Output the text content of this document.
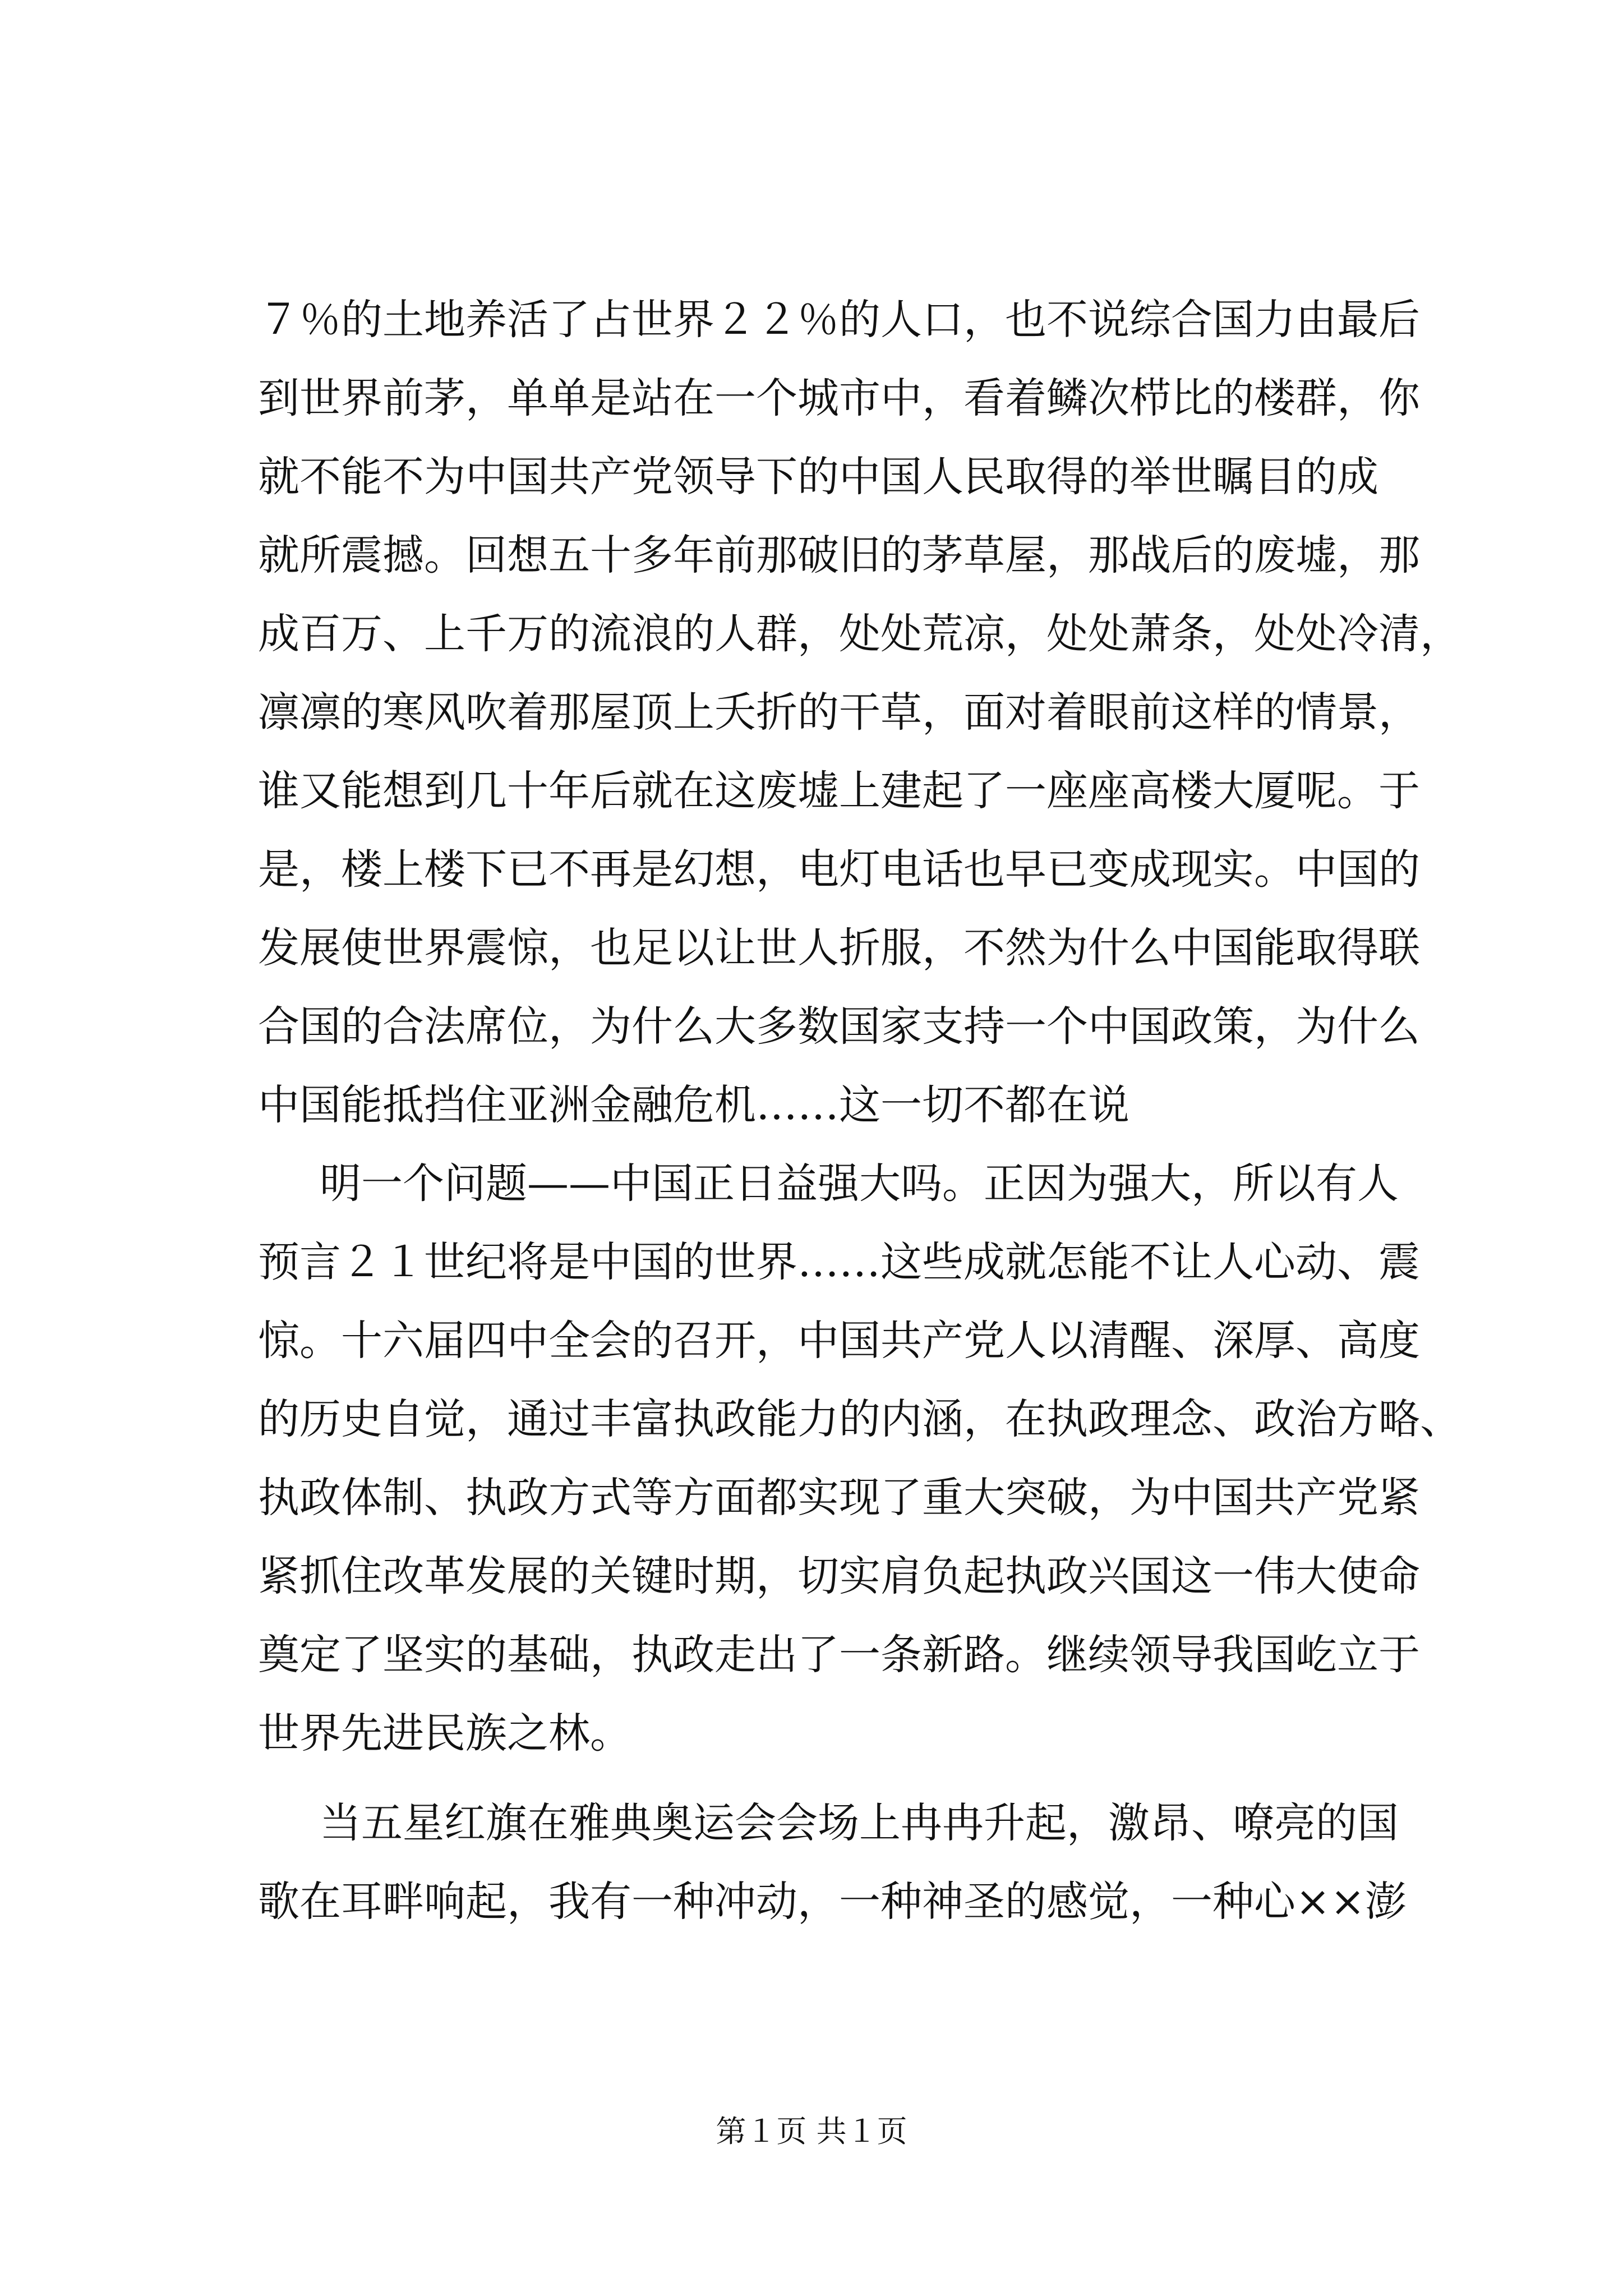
７％的土地养活了占世界２２％的人口，也不说综合国力由最后
到世界前茅，单单是站在一个城市中，看着鳞次栉比的楼群，你
就不能不为中国共产党领导下的中国人民取得的举世瞩目的成
就所震撼。回想五十多年前那破旧的茅草屋，那战后的废墟，那
成百万、上千万的流浪的人群，处处荒凉，处处萧条，处处冷清，
凛凛的寒风吹着那屋顶上夭折的干草，面对着眼前这样的情景，
谁又能想到几十年后就在这废墟上建起了一座座高楼大厦呢。于
是，楼上楼下已不再是幻想，电灯电话也早已变成现实。中国的
发展使世界震惊，也足以让世人折服，不然为什么中国能取得联
合国的合法席位，为什么大多数国家支持一个中国政策，为什么
中国能抵挡住亚洲金融危机……这一切不都在说
明一个问题——中国正日益强大吗。正因为强大，所以有人
预言２１世纪将是中国的世界……这些成就怎能不让人心动、震
惊。十六届四中全会的召开，中国共产党人以清醒、深厚、高度
的历史自觉，通过丰富执政能力的内涵，在执政理念、政治方略、
执政体制、执政方式等方面都实现了重大突破，为中国共产党紧
紧抓住改革发展的关键时期，切实肩负起执政兴国这一伟大使命
奠定了坚实的基础，执政走出了一条新路。继续领导我国屹立于
世界先进民族之林。
当五星红旗在雅典奥运会会场上冉冉升起，激昂、嘹亮的国
歌在耳畔响起，我有一种冲动，一种神圣的感觉，一种心××澎
第１页 共１页
